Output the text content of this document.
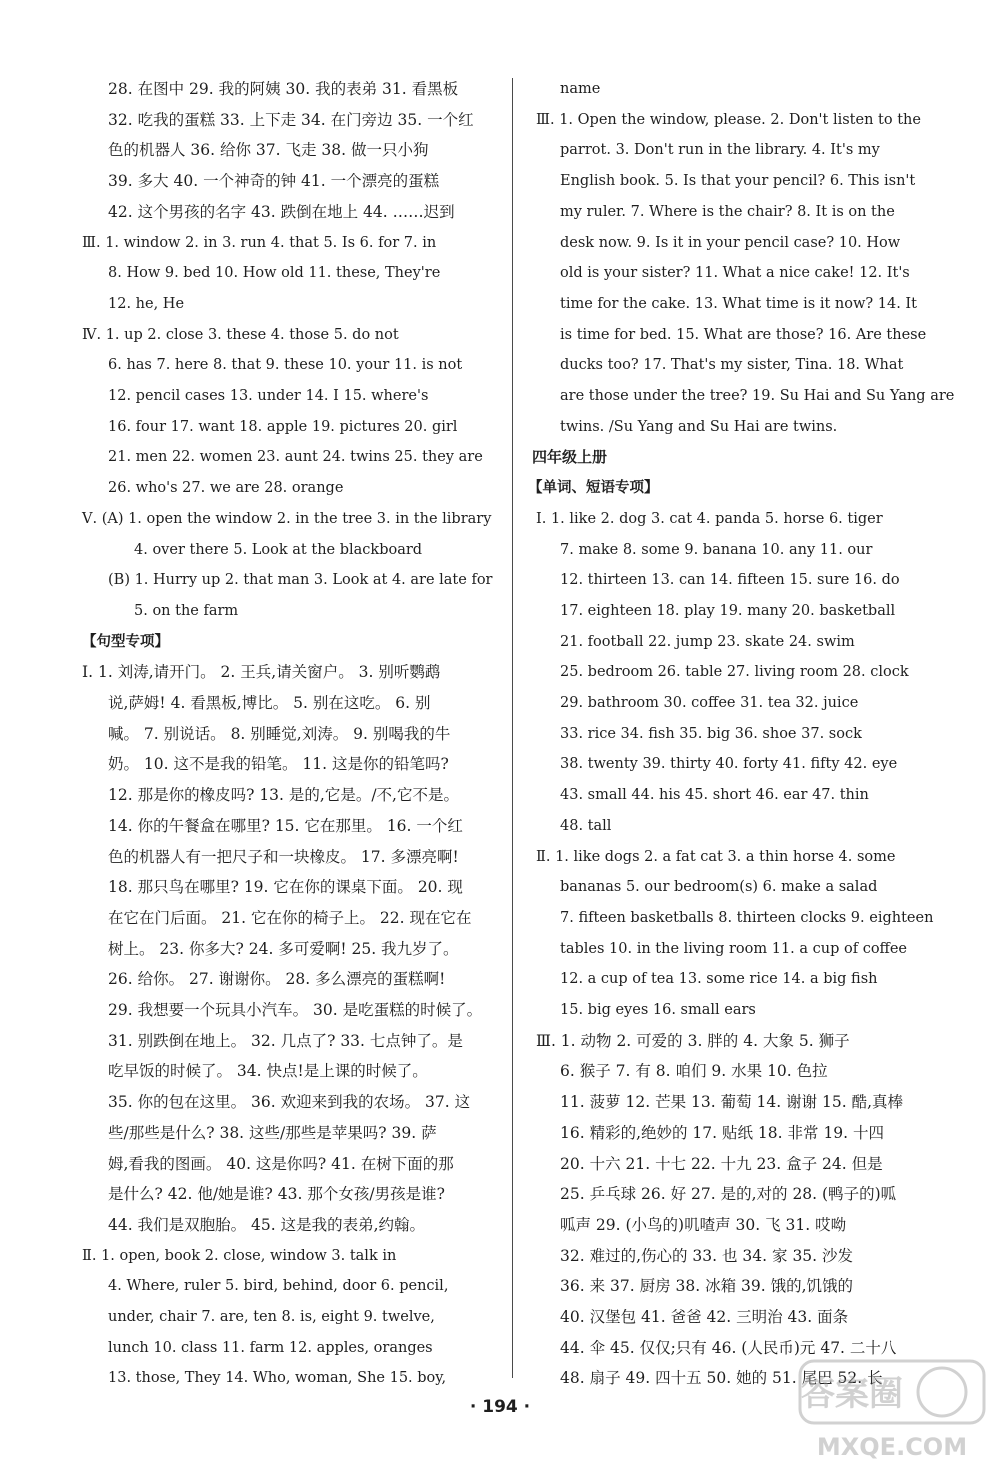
28. 在图中 29. 我的阿姨 30. 我的表弟 31. 看黑板
32. 吃我的蛋糕 33. 上下走 34. 在门旁边 35. 一个红
色的机器人 36. 给你 37. 飞走 38. 做一只小狗
39. 多大 40. 一个神奇的钟 41. 一个漂亮的蛋糕
42. 这个男孩的名字 43. 跌倒在地上 44. ……迟到
Ⅲ. 1. window 2. in 3. run 4. that 5. Is 6. for 7. in
8. How 9. bed 10. How old 11. these, They're
12. he, He
Ⅳ. 1. up 2. close 3. these 4. those 5. do not
6. has 7. here 8. that 9. these 10. your 11. is not
12. pencil cases 13. under 14. I 15. where's
16. four 17. want 18. apple 19. pictures 20. girl
21. men 22. women 23. aunt 24. twins 25. they are
26. who's 27. we are 28. orange
Ⅴ. (A) 1. open the window 2. in the tree 3. in the library
4. over there 5. Look at the blackboard
(B) 1. Hurry up 2. that man 3. Look at 4. are late for
5. on the farm
【句型专项】
Ⅰ. 1. 刘涛,请开门。 2. 王兵,请关窗户。 3. 别听鹦鹉
说,萨姆! 4. 看黑板,博比。 5. 别在这吃。 6. 别
喊。 7. 别说话。 8. 别睡觉,刘涛。 9. 别喝我的牛
奶。 10. 这不是我的铅笔。 11. 这是你的铅笔吗?
12. 那是你的橡皮吗? 13. 是的,它是。/不,它不是。
14. 你的午餐盒在哪里? 15. 它在那里。 16. 一个红
色的机器人有一把尺子和一块橡皮。 17. 多漂亮啊!
18. 那只鸟在哪里? 19. 它在你的课桌下面。 20. 现
在它在门后面。 21. 它在你的椅子上。 22. 现在它在
树上。 23. 你多大? 24. 多可爱啊! 25. 我九岁了。
26. 给你。 27. 谢谢你。 28. 多么漂亮的蛋糕啊!
29. 我想要一个玩具小汽车。 30. 是吃蛋糕的时候了。
31. 别跌倒在地上。 32. 几点了? 33. 七点钟了。是
吃早饭的时候了。 34. 快点!是上课的时候了。
35. 你的包在这里。 36. 欢迎来到我的农场。 37. 这
些/那些是什么? 38. 这些/那些是苹果吗? 39. 萨
姆,看我的图画。 40. 这是你吗? 41. 在树下面的那
是什么? 42. 他/她是谁? 43. 那个女孩/男孩是谁?
44. 我们是双胞胎。 45. 这是我的表弟,约翰。
Ⅱ. 1. open, book 2. close, window 3. talk in
4. Where, ruler 5. bird, behind, door 6. pencil,
under, chair 7. are, ten 8. is, eight 9. twelve,
lunch 10. class 11. farm 12. apples, oranges
13. those, They 14. Who, woman, She 15. boy,
name
Ⅲ. 1. Open the window, please. 2. Don't listen to the
parrot. 3. Don't run in the library. 4. It's my
English book. 5. Is that your pencil? 6. This isn't
my ruler. 7. Where is the chair? 8. It is on the
desk now. 9. Is it in your pencil case? 10. How
old is your sister? 11. What a nice cake! 12. It's
time for the cake. 13. What time is it now? 14. It
is time for bed. 15. What are those? 16. Are these
ducks too? 17. That's my sister, Tina. 18. What
are those under the tree? 19. Su Hai and Su Yang are
twins. /Su Yang and Su Hai are twins.
四年级上册
【单词、短语专项】
Ⅰ. 1. like 2. dog 3. cat 4. panda 5. horse 6. tiger
7. make 8. some 9. banana 10. any 11. our
12. thirteen 13. can 14. fifteen 15. sure 16. do
17. eighteen 18. play 19. many 20. basketball
21. football 22. jump 23. skate 24. swim
25. bedroom 26. table 27. living room 28. clock
29. bathroom 30. coffee 31. tea 32. juice
33. rice 34. fish 35. big 36. shoe 37. sock
38. twenty 39. thirty 40. forty 41. fifty 42. eye
43. small 44. his 45. short 46. ear 47. thin
48. tall
Ⅱ. 1. like dogs 2. a fat cat 3. a thin horse 4. some
bananas 5. our bedroom(s) 6. make a salad
7. fifteen basketballs 8. thirteen clocks 9. eighteen
tables 10. in the living room 11. a cup of coffee
12. a cup of tea 13. some rice 14. a big fish
15. big eyes 16. small ears
Ⅲ. 1. 动物 2. 可爱的 3. 胖的 4. 大象 5. 狮子
6. 猴子 7. 有 8. 咱们 9. 水果 10. 色拉
11. 菠萝 12. 芒果 13. 葡萄 14. 谢谢 15. 酷,真棒
16. 精彩的,绝妙的 17. 贴纸 18. 非常 19. 十四
20. 十六 21. 十七 22. 十九 23. 盒子 24. 但是
25. 乒乓球 26. 好 27. 是的,对的 28. (鸭子的)呱
呱声 29. (小鸟的)叽喳声 30. 飞 31. 哎呦
32. 难过的,伤心的 33. 也 34. 家 35. 沙发
36. 来 37. 厨房 38. 冰箱 39. 饿的,饥饿的
40. 汉堡包 41. 爸爸 42. 三明治 43. 面条
44. 伞 45. 仅仅;只有 46. (人民币)元 47. 二十八
48. 扇子 49. 四十五 50. 她的 51. 尾巴 52. 长
· 194 ·	答案圈
MXQE.COM
